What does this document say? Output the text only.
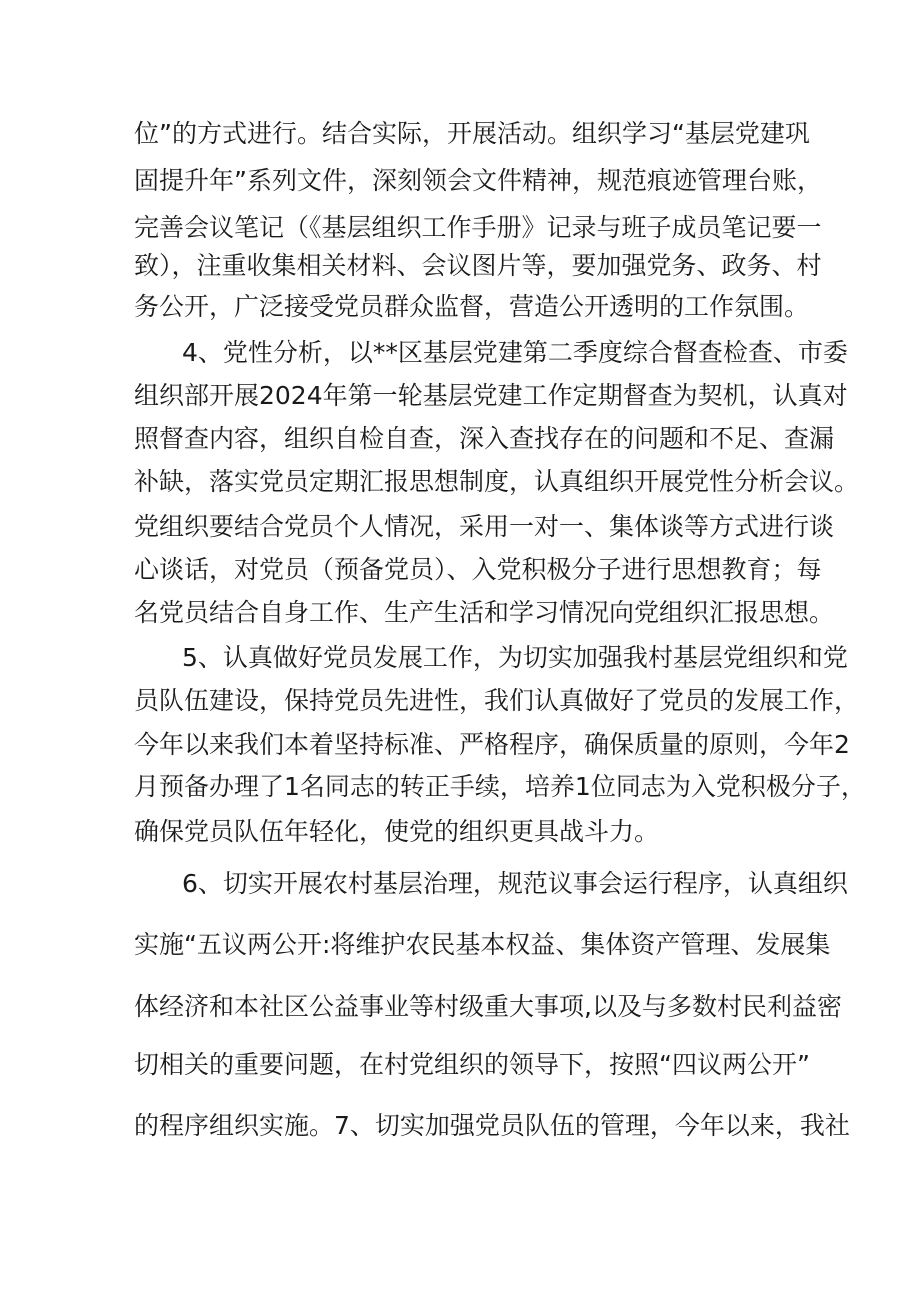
位”的方式进行。结合实际，开展活动。组织学习“基层党建巩
固提升年”系列文件，深刻领会文件精神，规范痕迹管理台账，
完善会议笔记（《基层组织工作手册》记录与班子成员笔记要一
致），注重收集相关材料、会议图片等，要加强党务、政务、村
务公开，广泛接受党员群众监督，营造公开透明的工作氛围。
4、党性分析，以**区基层党建第二季度综合督查检查、市委
组织部开展2024年第一轮基层党建工作定期督查为契机，认真对
照督查内容，组织自检自查，深入查找存在的问题和不足、查漏
补缺，落实党员定期汇报思想制度，认真组织开展党性分析会议。
党组织要结合党员个人情况，采用一对一、集体谈等方式进行谈
心谈话，对党员（预备党员）、入党积极分子进行思想教育；每
名党员结合自身工作、生产生活和学习情况向党组织汇报思想。
5、认真做好党员发展工作，为切实加强我村基层党组织和党
员队伍建设，保持党员先进性，我们认真做好了党员的发展工作，
今年以来我们本着坚持标准、严格程序，确保质量的原则，今年2
月预备办理了1名同志的转正手续，培养1位同志为入党积极分子，
确保党员队伍年轻化，使党的组织更具战斗力。
6、切实开展农村基层治理，规范议事会运行程序，认真组织
实施“五议两公开:将维护农民基本权益、集体资产管理、发展集
体经济和本社区公益事业等村级重大事项,以及与多数村民利益密
切相关的重要问题，在村党组织的领导下，按照“四议两公开”
的程序组织实施。7、切实加强党员队伍的管理，今年以来，我社
